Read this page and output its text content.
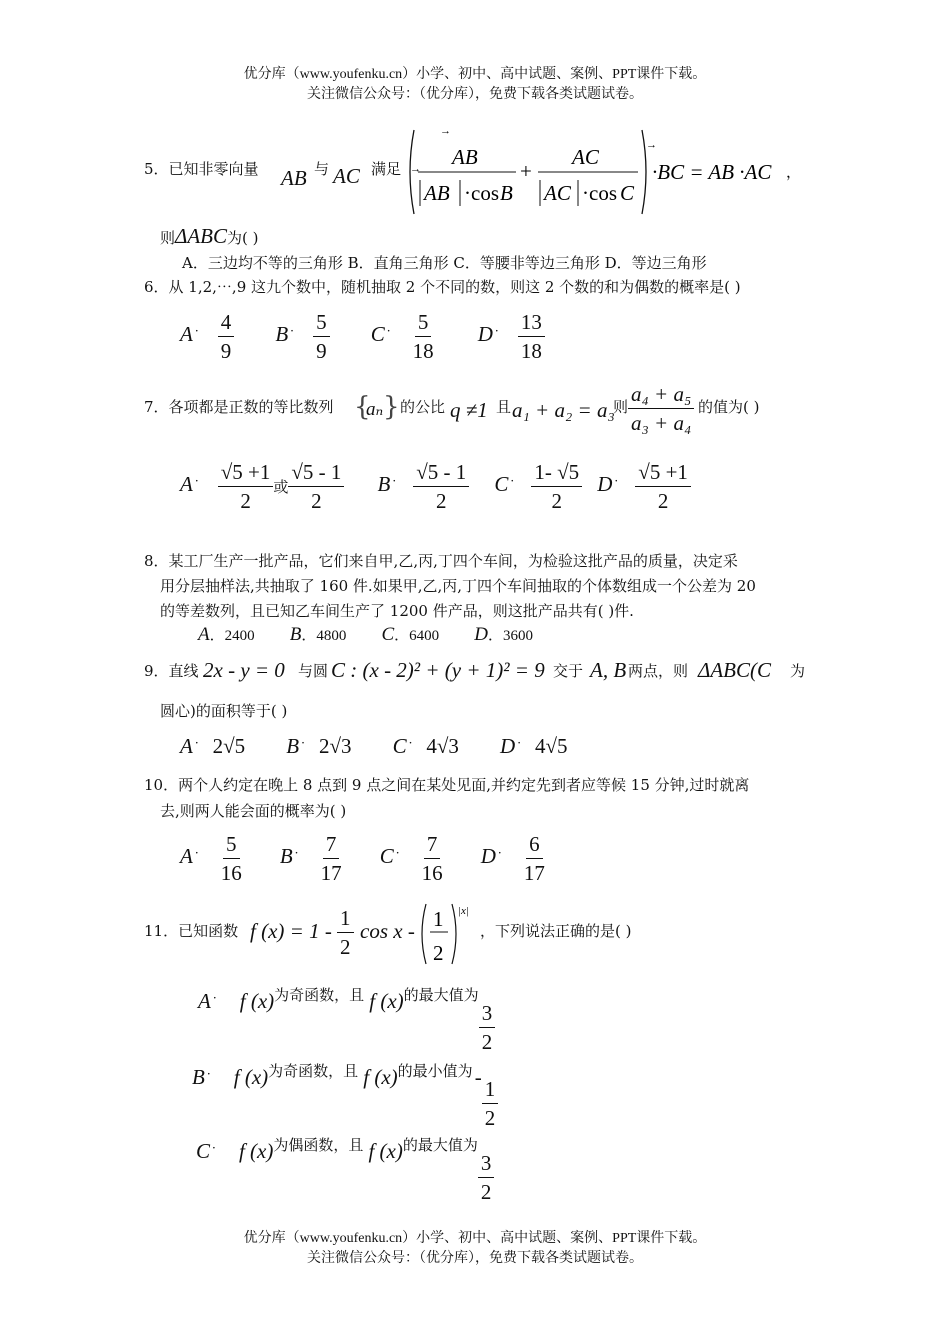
优分库（www.youfenku.cn）小学、初中、高中试题、案例、PPT课件下载。
关注微信公众号：（优分库），免费下载各类试题试卷。
5．已知非零向量 AB 与 AC 满足
→
→
→
AB
AB ·cos B
+
AC
AC ·cos C
·BC = AB ·AC ，
则ΔABC为( )
A．三边均不等的三角形 B．直角三角形 C．等腰非等边三角形 D．等边三角形
6．从 1,2,⋯,9 这九个数中，随机抽取 2 个不同的数，则这 2 个数的和为偶数的概率是( )
A $^\cdot \frac{4}{9}$ B $^\cdot \frac{5}{9}$ C $^\cdot \frac{5}{18}$ D $^\cdot \frac{13}{18}$
7．各项都是正数的等比数列 {
aₙ } 的公比 q ≠1 且 a₁ + a₂ = a₃
则 $\frac{\text{a₄ + a₅}}{\text{a₃ + a₄}}$ 的值为( )
A $^\cdot \frac{√5 +1}{2}$ 或 $\frac{√5 - 1}{2}$ B $^\cdot \frac{√5 - 1}{2}$ C $^\cdot \frac{1- √5}{2}$ D $^\cdot \frac{√5 +1}{2}$
8．某工厂生产一批产品，它们来自甲,乙,丙,丁四个车间，为检验这批产品的质量，决定采
用分层抽样法,共抽取了 160 件.如果甲,乙,丙,丁四个车间抽取的个体数组成一个公差为 20
的等差数列，且已知乙车间生产了 1200 件产品，则这批产品共有( )件.
A．2400 B．4800 C．6400 D．3600
9．直线 2x - y = 0 与圆 C : (x - 2)² + (y + 1)² = 9 交于 A, B 两点，则 ΔABC(C 为
圆心)的面积等于( )
A · 2√5 B · 2√3 C · 4√3 D · 4√5
10．两个人约定在晚上 8 点到 9 点之间在某处见面,并约定先到者应等候 15 分钟,过时就离
去,则两人能会面的概率为( )
A $^\cdot \frac{5}{16}$ B $^\cdot \frac{7}{17}$ C $^\cdot \frac{7}{16}$ D $^\cdot \frac{6}{17}$
11．已知函数 f $(x) = 1 - \frac{1}{2}$ cos x - 1
2
|x|
，下列说法正确的是( )
A · f (x)为奇函数，且 f (x)的最大值为
$\frac{3}{2}$
B · f (x)为奇函数，且 f (x)的最小值为- $\frac{1}{2}$
C · f (x)为偶函数，且 f (x)的最大值为
$\frac{3}{2}$
优分库（www.youfenku.cn）小学、初中、高中试题、案例、PPT课件下载。
关注微信公众号：（优分库），免费下载各类试题试卷。
